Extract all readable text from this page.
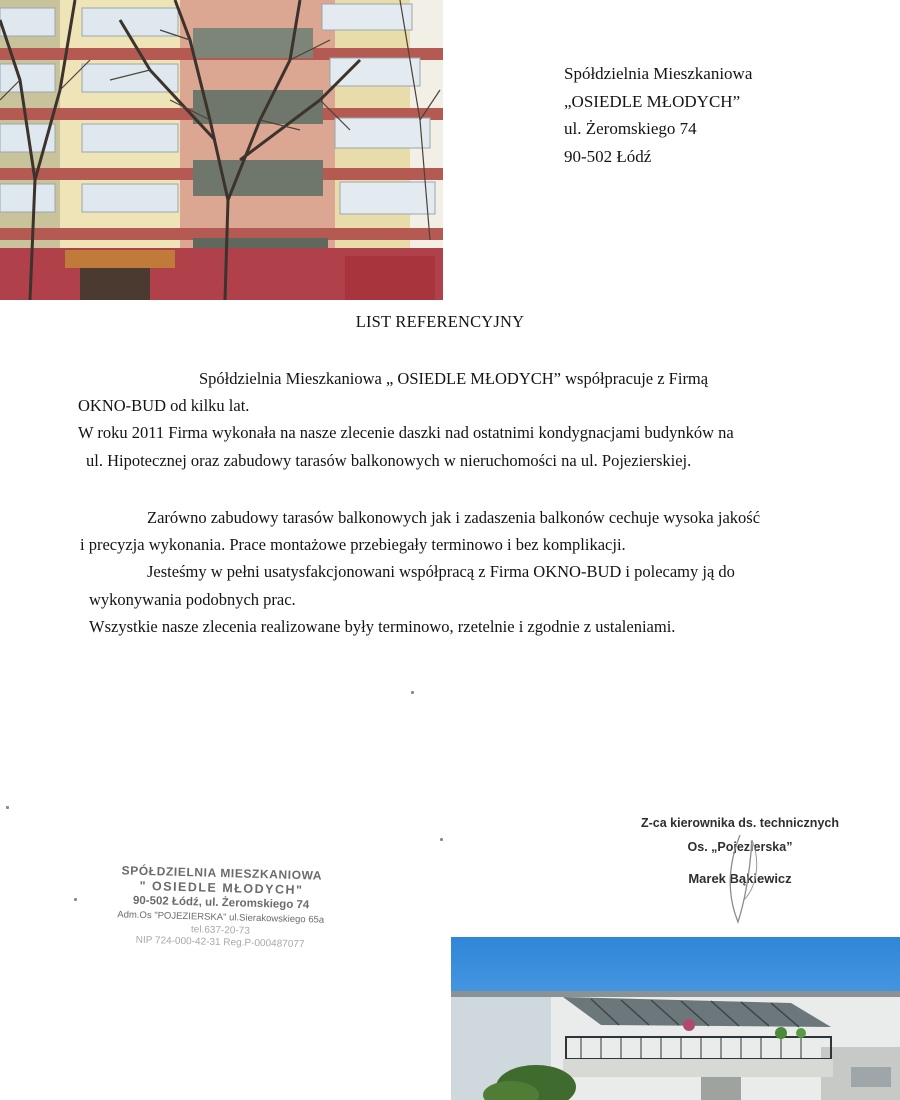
Spółdzielnia Mieszkaniowa
„OSIEDLE MŁODYCH”
ul. Żeromskiego 74
90-502 Łódź
LIST REFERENCYJNY
Spółdzielnia Mieszkaniowa „ OSIEDLE MŁODYCH” współpracuje z Firmą
OKNO-BUD od kilku lat.
W roku 2011 Firma wykonała na nasze zlecenie daszki nad ostatnimi kondygnacjami budynków na
ul. Hipotecznej oraz zabudowy tarasów balkonowych w nieruchomości na ul. Pojezierskiej.
Zarówno zabudowy tarasów balkonowych jak i zadaszenia balkonów cechuje wysoka jakość
i precyzja wykonania. Prace montażowe przebiegały terminowo i bez komplikacji.
Jesteśmy w pełni usatysfakcjonowani współpracą z Firma OKNO-BUD i polecamy ją do
wykonywania podobnych prac.
Wszystkie nasze zlecenia realizowane były terminowo, rzetelnie i zgodnie z ustaleniami.
Z-ca kierownika ds. technicznych
Os. „Pojezierska”
Marek Bąkiewicz
SPÓŁDZIELNIA MIESZKANIOWA
" OSIEDLE MŁODYCH"
90-502 Łódź, ul. Żeromskiego 74
Adm.Os "POJEZIERSKA" ul.Sierakowskiego 65a
tel.637-20-73
NIP 724-000-42-31 Reg.P-000487077
